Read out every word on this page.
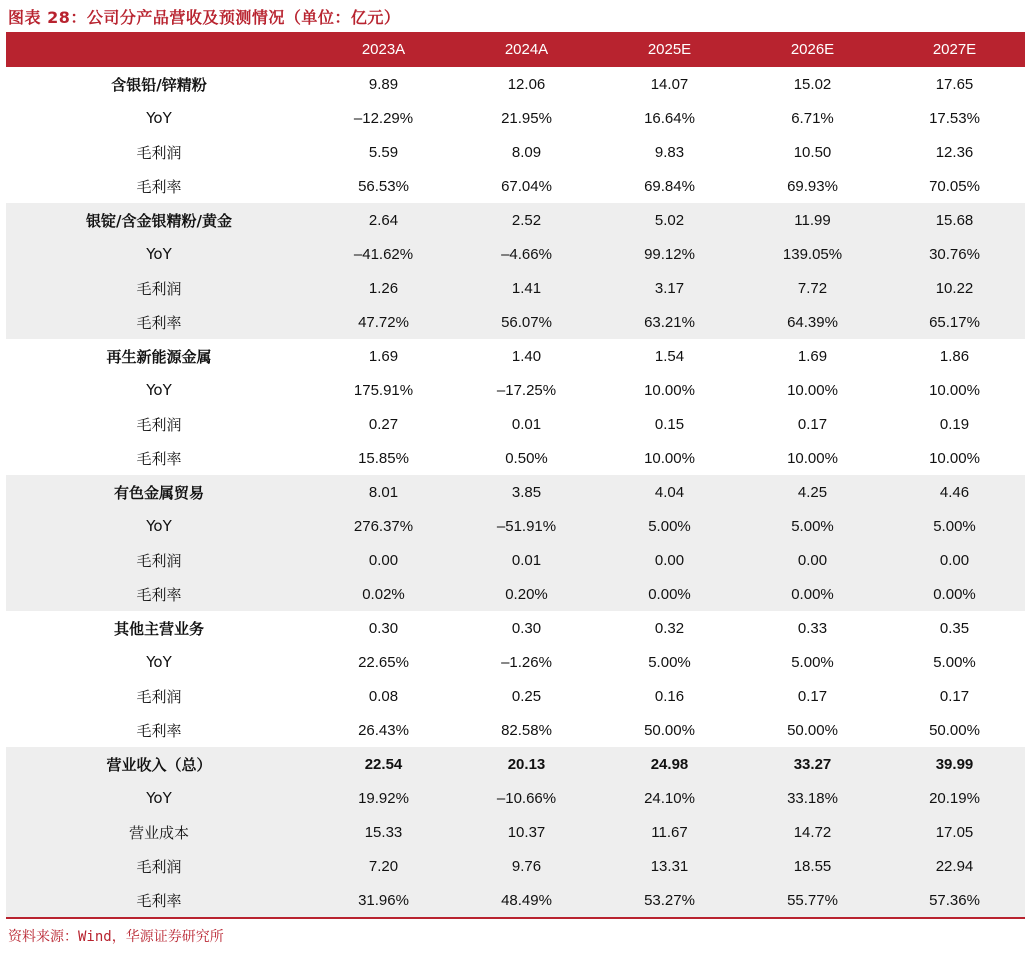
图表 28：公司分产品营收及预测情况（单位：亿元）
2023A	2024A	2025E	2026E	2027E
含银铅/锌精粉	9.89	12.06	14.07	15.02	17.65
YoY	–12.29%	21.95%	16.64%	6.71%	17.53%
毛利润	5.59	8.09	9.83	10.50	12.36
毛利率	56.53%	67.04%	69.84%	69.93%	70.05%
银锭/含金银精粉/黄金	2.64	2.52	5.02	11.99	15.68
YoY	–41.62%	–4.66%	99.12%	139.05%	30.76%
毛利润	1.26	1.41	3.17	7.72	10.22
毛利率	47.72%	56.07%	63.21%	64.39%	65.17%
再生新能源金属	1.69	1.40	1.54	1.69	1.86
YoY	175.91%	–17.25%	10.00%	10.00%	10.00%
毛利润	0.27	0.01	0.15	0.17	0.19
毛利率	15.85%	0.50%	10.00%	10.00%	10.00%
有色金属贸易	8.01	3.85	4.04	4.25	4.46
YoY	276.37%	–51.91%	5.00%	5.00%	5.00%
毛利润	0.00	0.01	0.00	0.00	0.00
毛利率	0.02%	0.20%	0.00%	0.00%	0.00%
其他主营业务	0.30	0.30	0.32	0.33	0.35
YoY	22.65%	–1.26%	5.00%	5.00%	5.00%
毛利润	0.08	0.25	0.16	0.17	0.17
毛利率	26.43%	82.58%	50.00%	50.00%	50.00%
营业收入（总）	22.54	20.13	24.98	33.27	39.99
YoY	19.92%	–10.66%	24.10%	33.18%	20.19%
营业成本	15.33	10.37	11.67	14.72	17.05
毛利润	7.20	9.76	13.31	18.55	22.94
毛利率	31.96%	48.49%	53.27%	55.77%	57.36%
资料来源：Wind，华源证券研究所
